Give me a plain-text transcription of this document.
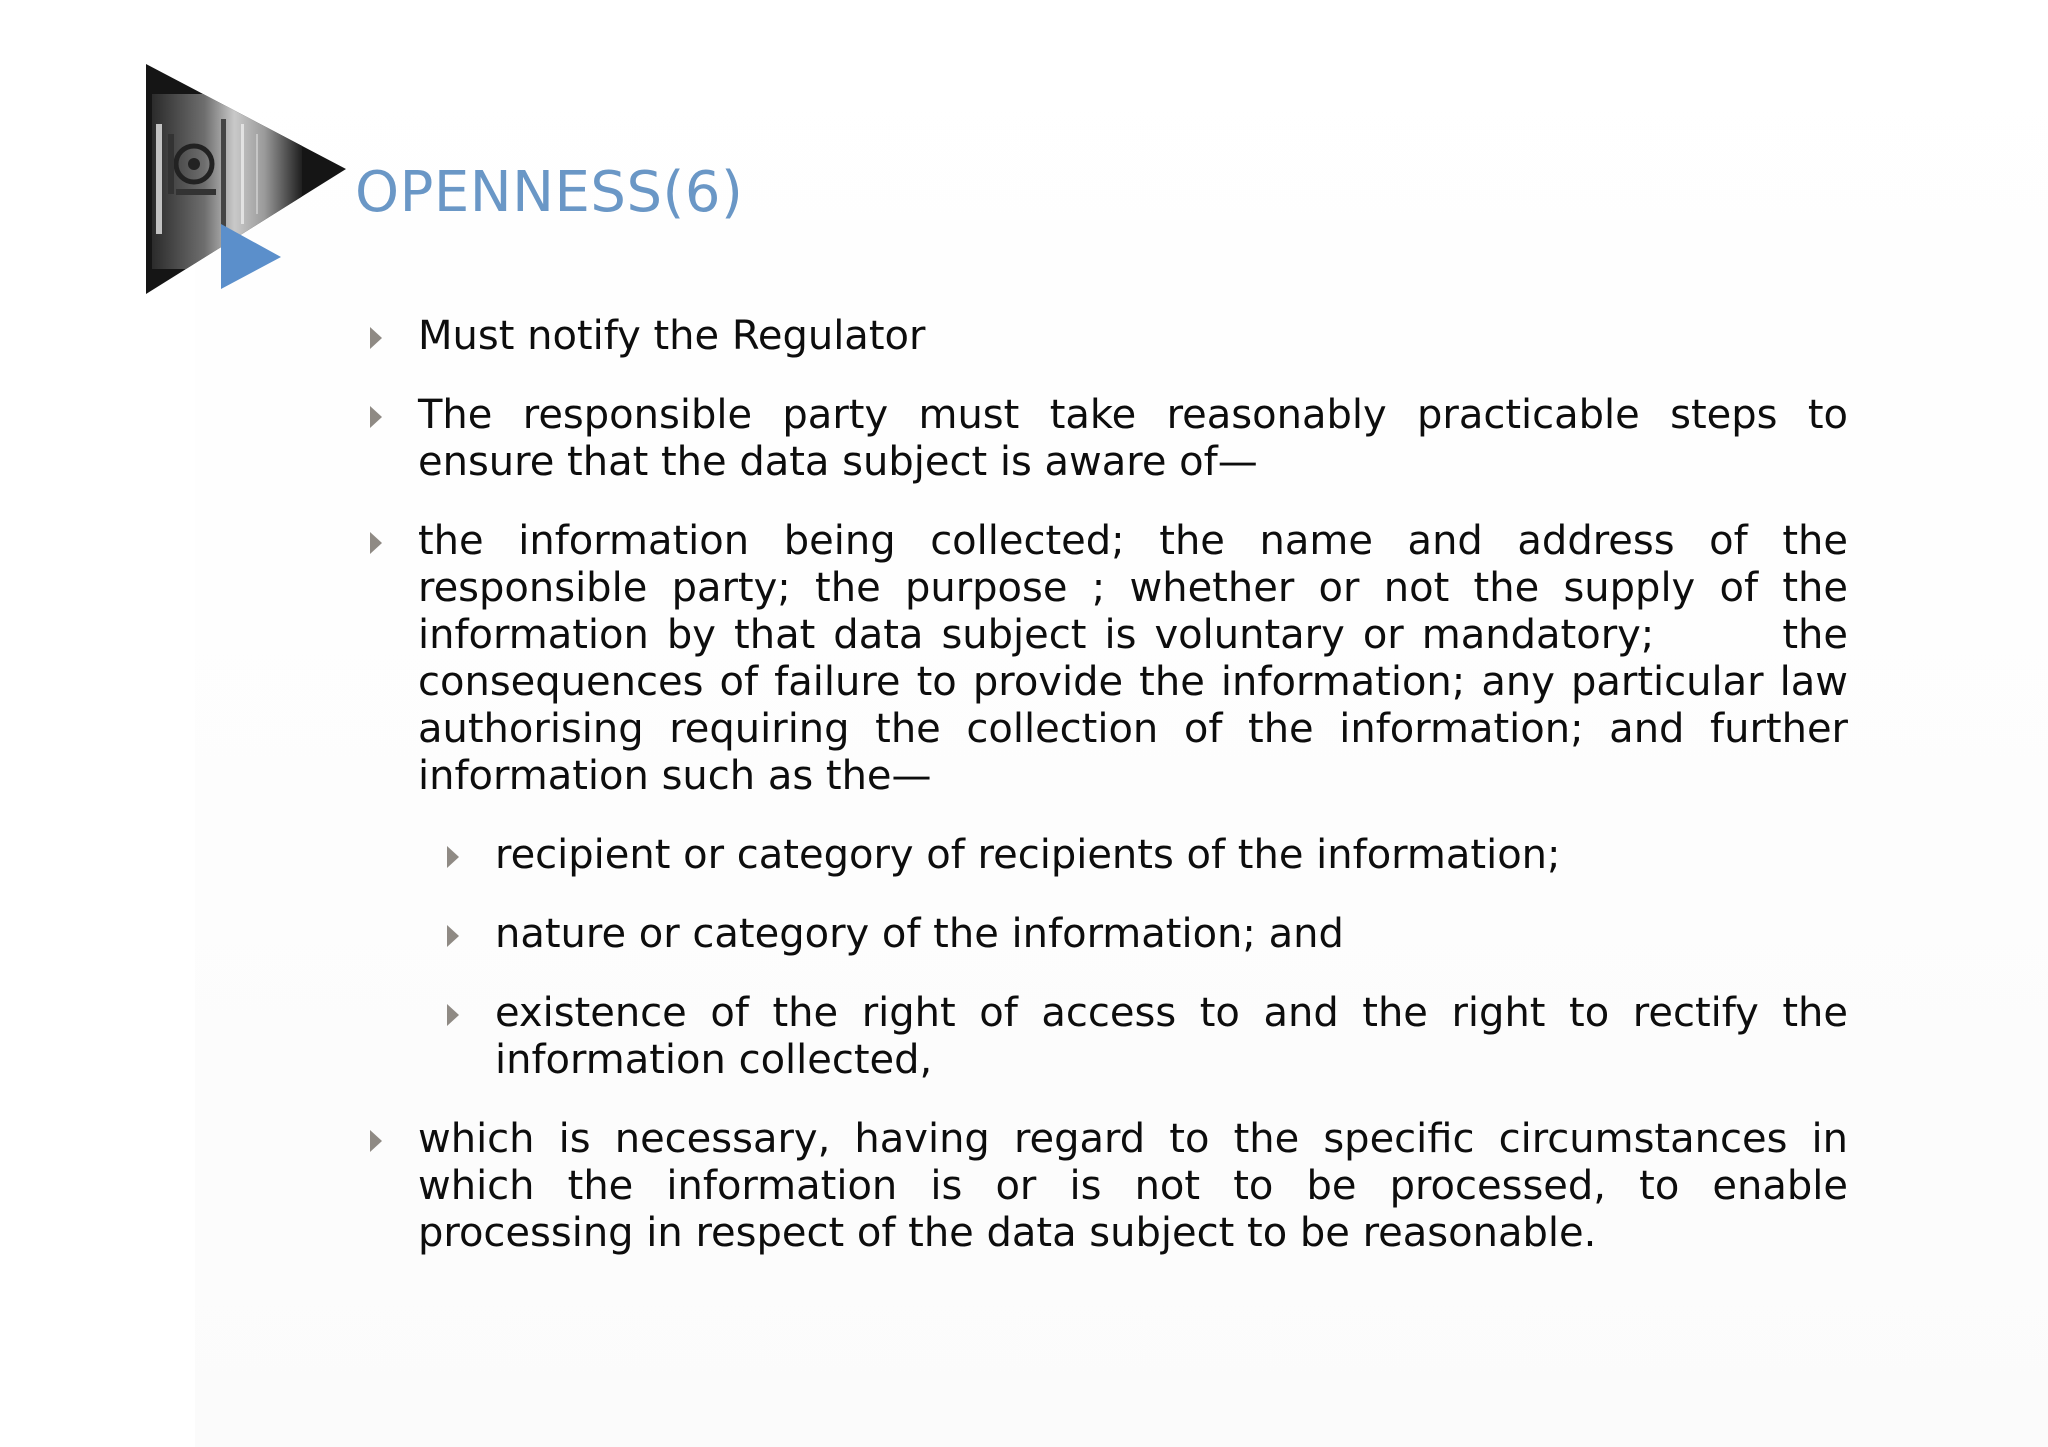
OPENNESS(6)
Must notify the Regulator
The responsible party must take reasonably practicable steps to ensure that the data subject is aware of—
the information being collected; the name and address of the responsible party; the purpose ; whether or not the supply of the information by that data subject is voluntary or mandatory;	the consequences of failure to provide the information; any particular law authorising requiring the collection of the information; and further information such as the—
recipient or category of recipients of the information;
nature or category of the information; and
existence of the right of access to and the right to rectify the information collected,
which is necessary, having regard to the specific circumstances in which the information is or is not to be processed, to enable processing in respect of the data subject to be reasonable.
